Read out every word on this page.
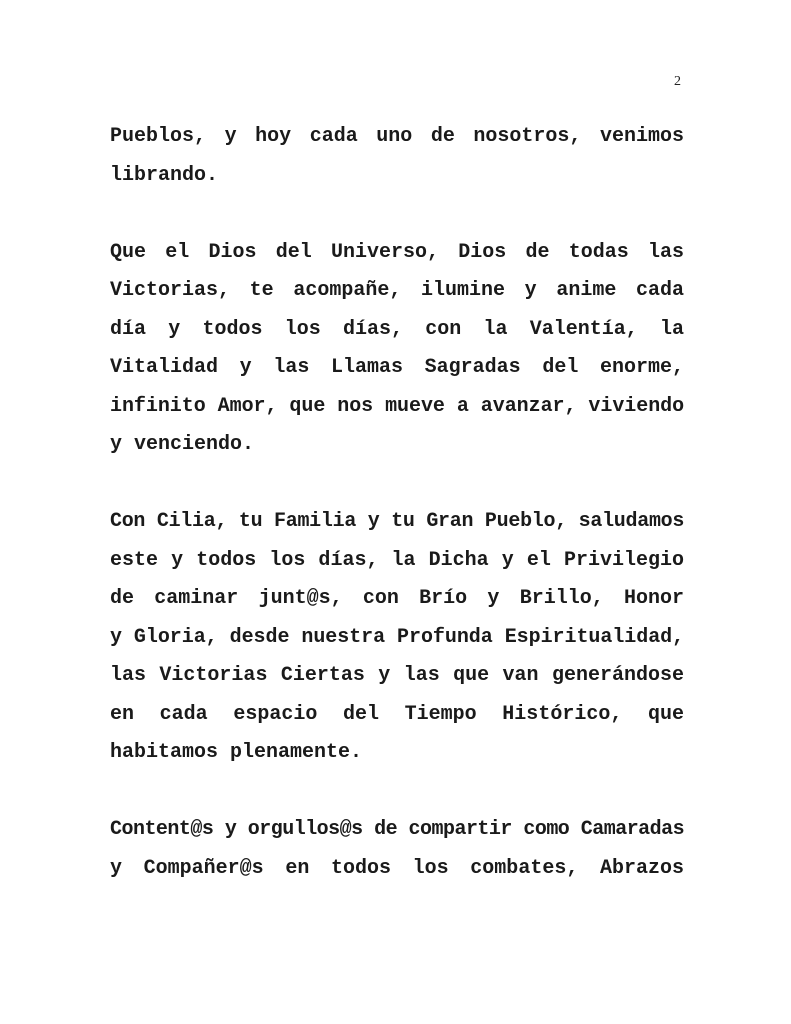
2
Pueblos, y hoy cada uno de nosotros, venimos
librando.
Que el Dios del Universo, Dios de todas las
Victorias, te acompañe, ilumine y anime cada
día y todos los días, con la Valentía, la
Vitalidad y las Llamas Sagradas del enorme,
infinito Amor, que nos mueve a avanzar, viviendo
y venciendo.
Con Cilia, tu Familia y tu Gran Pueblo, saludamos
este y todos los días, la Dicha y el Privilegio
de caminar junt@s, con Brío y Brillo, Honor
y Gloria, desde nuestra Profunda Espiritualidad,
las Victorias Ciertas y las que van generándose
en cada espacio del Tiempo Histórico, que
habitamos plenamente.
Content@s y orgullos@s de compartir como Camaradas
y Compañer@s en todos los combates, Abrazos
